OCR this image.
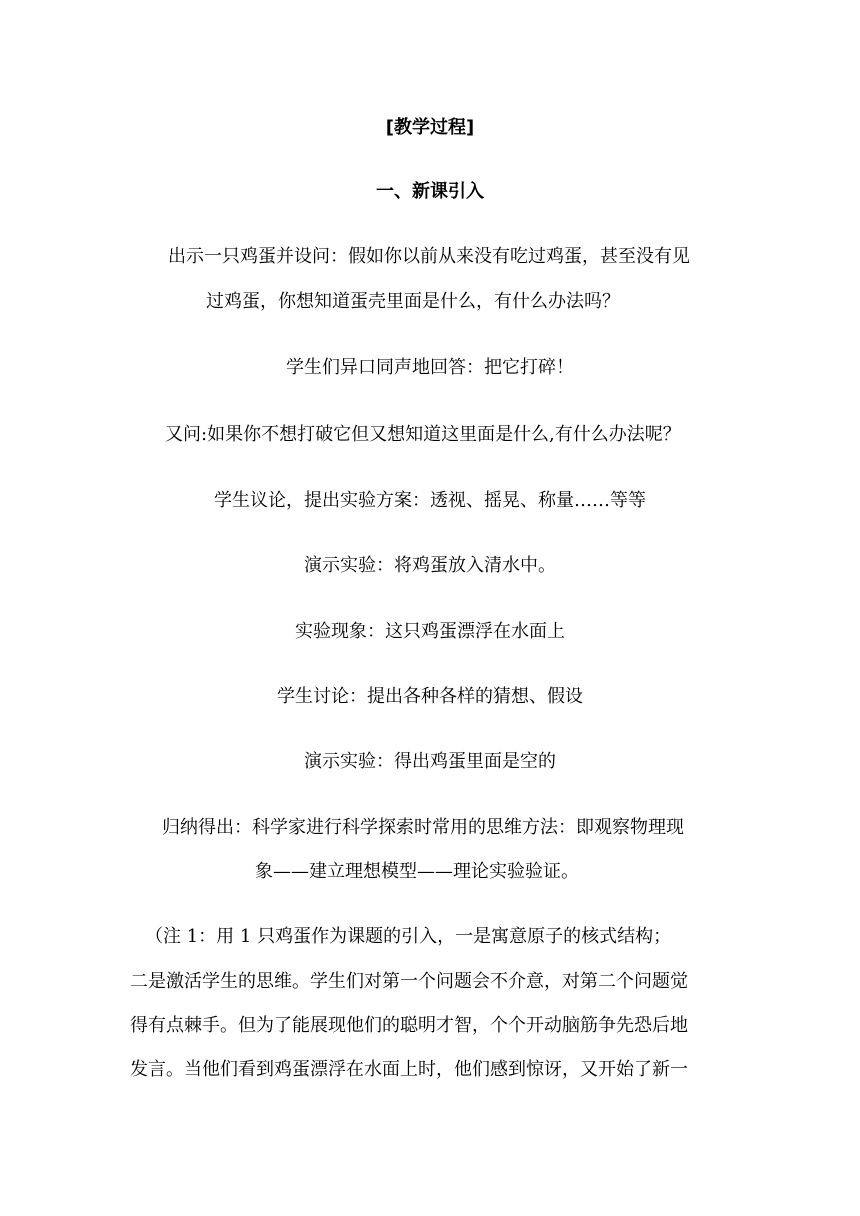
[教学过程]
一、新课引入
出示一只鸡蛋并设问：假如你以前从来没有吃过鸡蛋，甚至没有见
过鸡蛋，你想知道蛋壳里面是什么，有什么办法吗？
学生们异口同声地回答：把它打碎！
又问:如果你不想打破它但又想知道这里面是什么,有什么办法呢？
学生议论，提出实验方案：透视、摇晃、称量……等等
演示实验：将鸡蛋放入清水中。
实验现象：这只鸡蛋漂浮在水面上
学生讨论：提出各种各样的猜想、假设
演示实验：得出鸡蛋里面是空的
归纳得出：科学家进行科学探索时常用的思维方法：即观察物理现
象——建立理想模型——理论实验验证。
（注 1：用 1 只鸡蛋作为课题的引入，一是寓意原子的核式结构；
二是激活学生的思维。学生们对第一个问题会不介意，对第二个问题觉
得有点棘手。但为了能展现他们的聪明才智，个个开动脑筋争先恐后地
发言。当他们看到鸡蛋漂浮在水面上时，他们感到惊讶，又开始了新一
